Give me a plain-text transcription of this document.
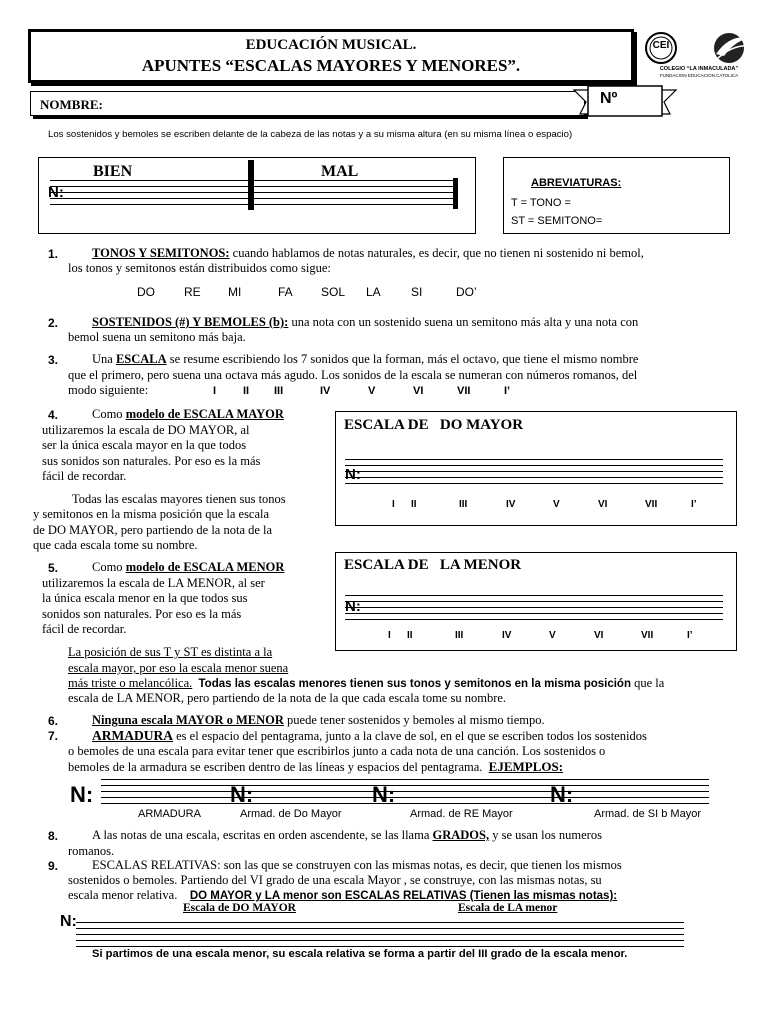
EDUCACIÓN MUSICAL.
APUNTES “ESCALAS MAYORES Y MENORES”.
CEI
COLEGIO “LA INMACULADA”
FUNDACION EDUCACION CATOLICA
NOMBRE:	Nº
Los sostenidos y bemoles se escriben delante de la cabeza de las notas y a su misma altura (en su misma línea o espacio)
BIEN	MAL
N:
ABREVIATURAS:
T = TONO =
ST = SEMITONO=
1.	TONOS Y SEMITONOS: cuando hablamos de notas naturales, es decir, que no tienen ni sostenido ni bemol,
los tonos y semitonos están distribuidos como sigue:
DO RE MI	FA SOL LA	SI	DO’
2.	SOSTENIDOS (#) Y BEMOLES (b): una nota con un sostenido suena un semitono más alta y una nota con
bemol suena un semitono más baja.
3.	Una ESCALA se resume escribiendo los 7 sonidos que la forman, más el octavo, que tiene el mismo nombre
que el primero, pero suena una octava más agudo. Los sonidos de la escala se numeran con números romanos, del
modo siguiente:	I II III	IV	V	VI	VII	I’
4.	Como modelo de ESCALA MAYOR
utilizaremos la escala de DO MAYOR, al
ser la única escala mayor en la que todos
sus sonidos son naturales. Por eso es la más
fácil de recordar.
Todas las escalas mayores tienen sus tonos
y semitonos en la misma posición que la escala
de DO MAYOR, pero partiendo de la nota de la
que cada escala tome su nombre.
ESCALA DE   DO MAYOR
N:
I II	III	IV	V	VI	VII	I’
5.	Como modelo de ESCALA MENOR
utilizaremos la escala de LA MENOR, al ser
la única escala menor en la que todos sus
sonidos son naturales. Por eso es la más
fácil de recordar.
La posición de sus T y ST es distinta a la
escala mayor, por eso la escala menor suena
más triste o melancólica. Todas las escalas menores tienen sus tonos y semitonos en la misma posición que la
escala de LA MENOR, pero partiendo de la nota de la que cada escala tome su nombre.
ESCALA DE   LA MENOR
N:
I II	III	IV	V	VI	VII	I’
6.	Ninguna escala MAYOR o MENOR puede tener sostenidos y bemoles al mismo tiempo.
7.	ARMADURA es el espacio del pentagrama, junto a la clave de sol, en el que se escriben todos los sostenidos
o bemoles de una escala para evitar tener que escribirlos junto a cada nota de una canción. Los sostenidos o
bemoles de la armadura se escriben dentro de las líneas y espacios del pentagrama. EJEMPLOS:
N:	N:	N:	N:
ARMADURA	Armad. de Do Mayor	Armad. de RE Mayor	Armad. de SI b Mayor
8.	A las notas de una escala, escritas en orden ascendente, se las llama GRADOS, y se usan los numeros
romanos.
9.	ESCALAS RELATIVAS: son las que se construyen con las mismas notas, es decir, que tienen los mismos
sostenidos o bemoles. Partiendo del VI grado de una escala Mayor , se construye, con las mismas notas, su
escala menor relativa. DO MAYOR y LA menor son ESCALAS RELATIVAS (Tienen las mismas notas):
Escala de DO MAYOR	Escala de LA menor
N:
Si partimos de una escala menor, su escala relativa se forma a partir del III grado de la escala menor.
